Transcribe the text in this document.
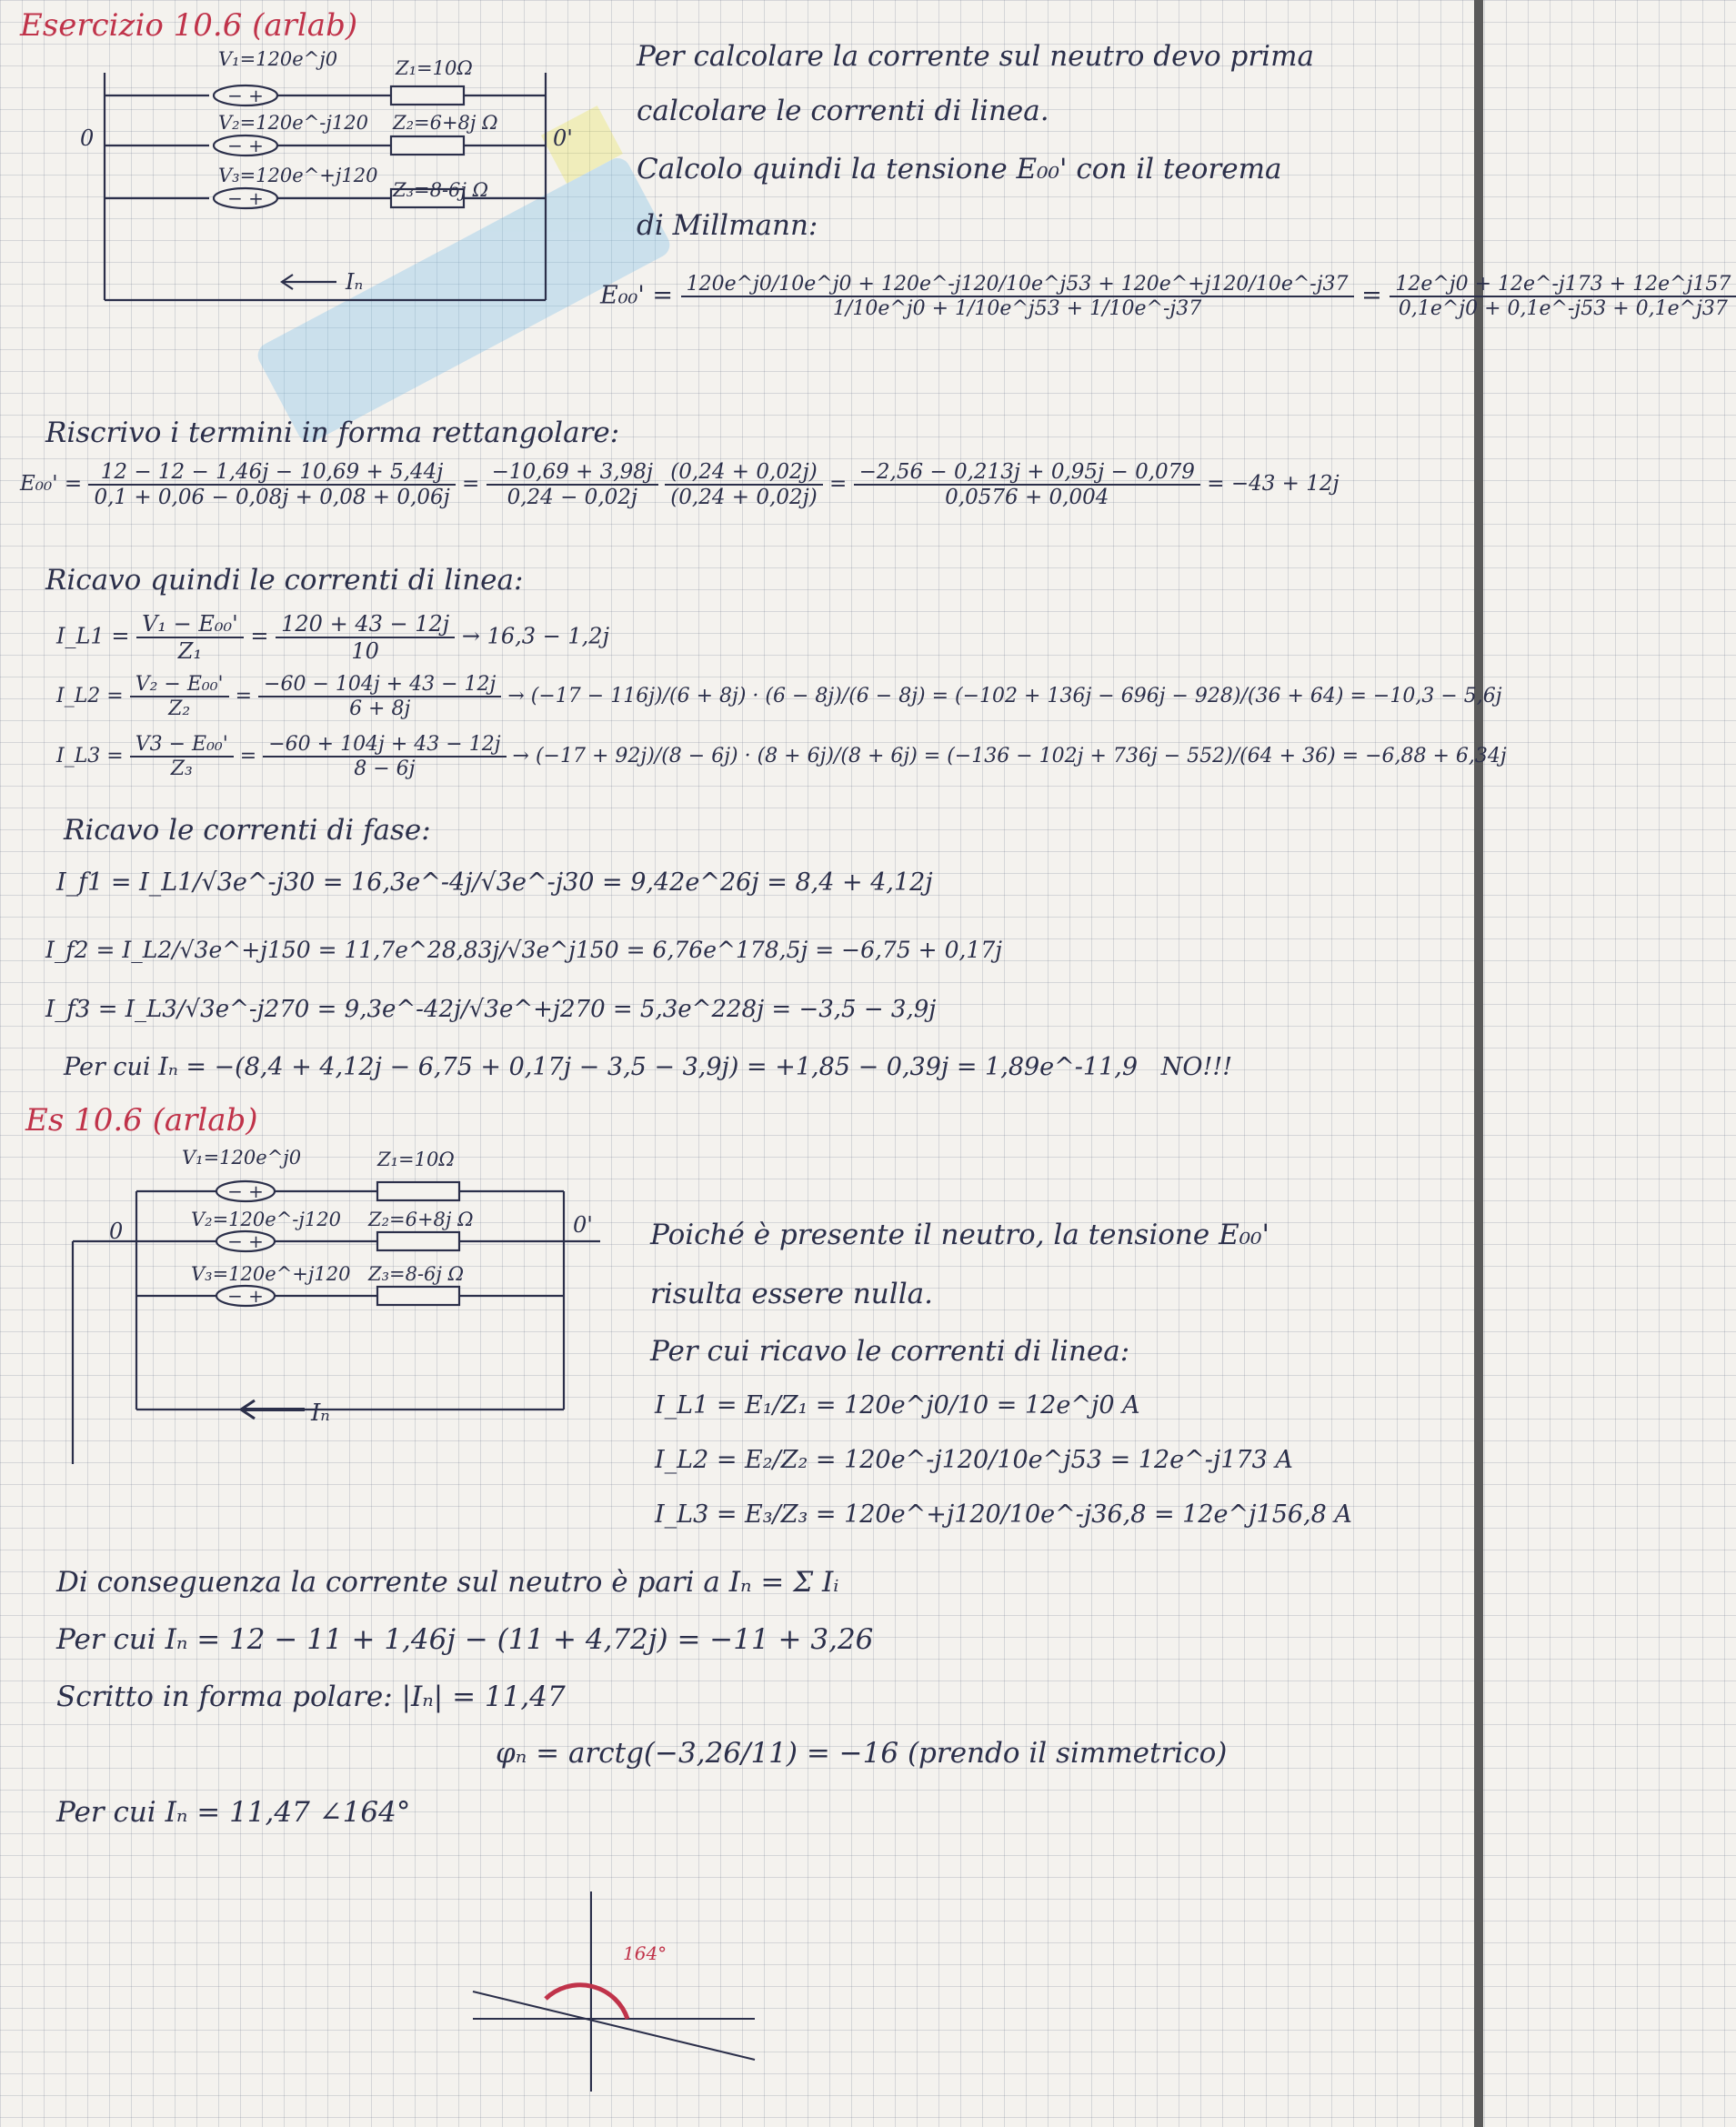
Esercizio 10.6 (arlab)
− +
− +
− +
V₁=120e^j0
V₂=120e^-j120
V₃=120e^+j120
Z₁=10Ω
Z₂=6+8j Ω
Z₃=8-6j Ω
0	0'
Iₙ
Per calcolare la corrente sul neutro devo prima
calcolare le correnti di linea.
Calcolo quindi la tensione E₀₀' con il teorema
di Millmann:
$E_{00}' = \frac{120e\^{}j0/10e\^{}j0 + 120e\^{}-j120/10e\^{}j53 + 120e\^{}+j120/10e\^{}-j37}{1/10e\^{}j0 + 1/10e\^{}j53 + 1/10e\^{}-j37} = \frac{12e\^{}j0 + 12e\^{}-j173 + 12e\^{}j157}{0,1e\^{}j0 + 0,1e\^{}-j53 + 0,1e\^{}j37}$
Riscrivo i termini in forma rettangolare:
$E_{00}' = \frac{12 - 12 - 1,46j - 10,69 + 5,44j}{0,1 + 0,06 - 0,08j + 0,08 + 0,06j} = \frac{-10,69 + 3,98j}{0,24 - 0,02j}$
$\frac{(0,24 + 0,02j)}{(0,24 + 0,02j)} = \frac{-2,56 - 0,213j + 0,95j - 0,079}{0,0576 + 0,004} = -43 + 12j$
Ricavo quindi le correnti di linea:
I_L1 = $\frac{\text{V₁ − E₀₀'}}{\text{Z₁}} = \frac{120 + 43 - 12j}{10} \to 16,3 - 1,2j$
I_L2 = $\frac{\text{V₂ − E₀₀'}}{\text{Z₂}} = \frac{-60 - 104j + 43 - 12j}{6 + 8j} \to (-17 - 116j)/(6 + 8j) \cdot (6 - 8j)/(6 - 8j) = (-102 + 136j - 696j - 928)/(36 + 64) = -10,3 - 5,6j$
I_L3 = $\frac{\text{V3 − E₀₀'}}{\text{Z₃}} = \frac{-60 + 104j + 43 - 12j}{8 - 6j} \to (-17 + 92j)/(8 - 6j) \cdot (8 + 6j)/(8 + 6j) = (-136 - 102j + 736j - 552)/(64 + 36) = -6,88 + 6,34j$
Ricavo le correnti di fase:
I_f1 = I_L1/√3e^-j30 = 16,3e^-4j/√3e^-j30 = 9,42e^26j = 8,4 + 4,12j
I_f2 = I_L2/√3e^+j150 = 11,7e^28,83j/√3e^j150 = 6,76e^178,5j = −6,75 + 0,17j
I_f3 = I_L3/√3e^-j270 = 9,3e^-42j/√3e^+j270 = 5,3e^228j = −3,5 − 3,9j
Per cui Iₙ = −(8,4 + 4,12j − 6,75 + 0,17j − 3,5 − 3,9j) = +1,85 − 0,39j = 1,89e^-11,9 NO!!!
Es 10.6 (arlab)
− +
− +
− +
V₁=120e^j0
V₂=120e^-j120
V₃=120e^+j120
Z₁=10Ω
Z₂=6+8j Ω
Z₃=8-6j Ω
0	0'
Iₙ
Poiché è presente il neutro, la tensione E₀₀'
risulta essere nulla.
Per cui ricavo le correnti di linea:
I_L1 = E₁/Z₁ = 120e^j0/10 = 12e^j0 A
I_L2 = E₂/Z₂ = 120e^-j120/10e^j53 = 12e^-j173 A
I_L3 = E₃/Z₃ = 120e^+j120/10e^-j36,8 = 12e^j156,8 A
Di conseguenza la corrente sul neutro è pari a Iₙ = Σ Iᵢ
Per cui Iₙ = 12 − 11 + 1,46j − (11 + 4,72j) = −11 + 3,26
Scritto in forma polare: |Iₙ| = 11,47
φₙ = arctg(−3,26/11) = −16 (prendo il simmetrico)
Per cui Iₙ = 11,47 ∠164°
164°
